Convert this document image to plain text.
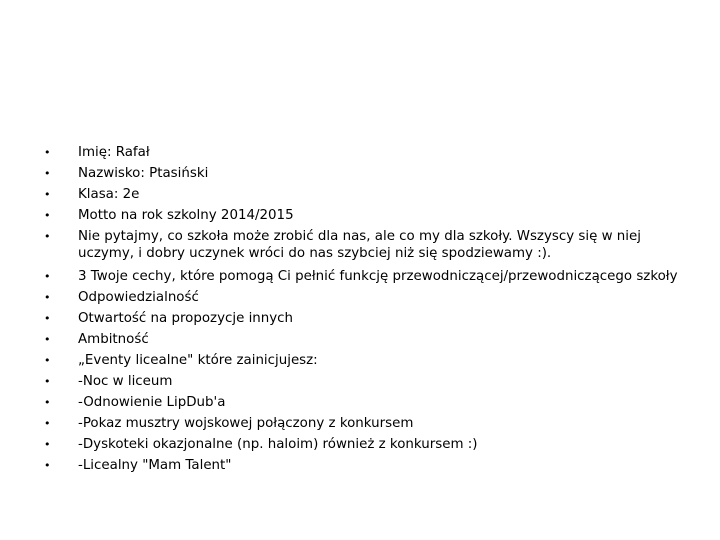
•	Imię: Rafał
•	Nazwisko: Ptasiński
•	Klasa: 2e
•	Motto na rok szkolny 2014/2015
•	Nie pytajmy, co szkoła może zrobić dla nas, ale co my dla szkoły. Wszyscy się w niej uczymy, i dobry uczynek wróci do nas szybciej niż się spodziewamy :).
•	3 Twoje cechy, które pomogą Ci pełnić funkcję przewodniczącej/przewodniczącego szkoły
•	Odpowiedzialność
•	Otwartość na propozycje innych
•	Ambitność
•	„Eventy licealne" które zainicjujesz:
•	-Noc w liceum
•	-Odnowienie LipDub'a
•	-Pokaz musztry wojskowej połączony z konkursem
•	-Dyskoteki okazjonalne (np. haloim) również z konkursem :)
•	-Licealny "Mam Talent"
